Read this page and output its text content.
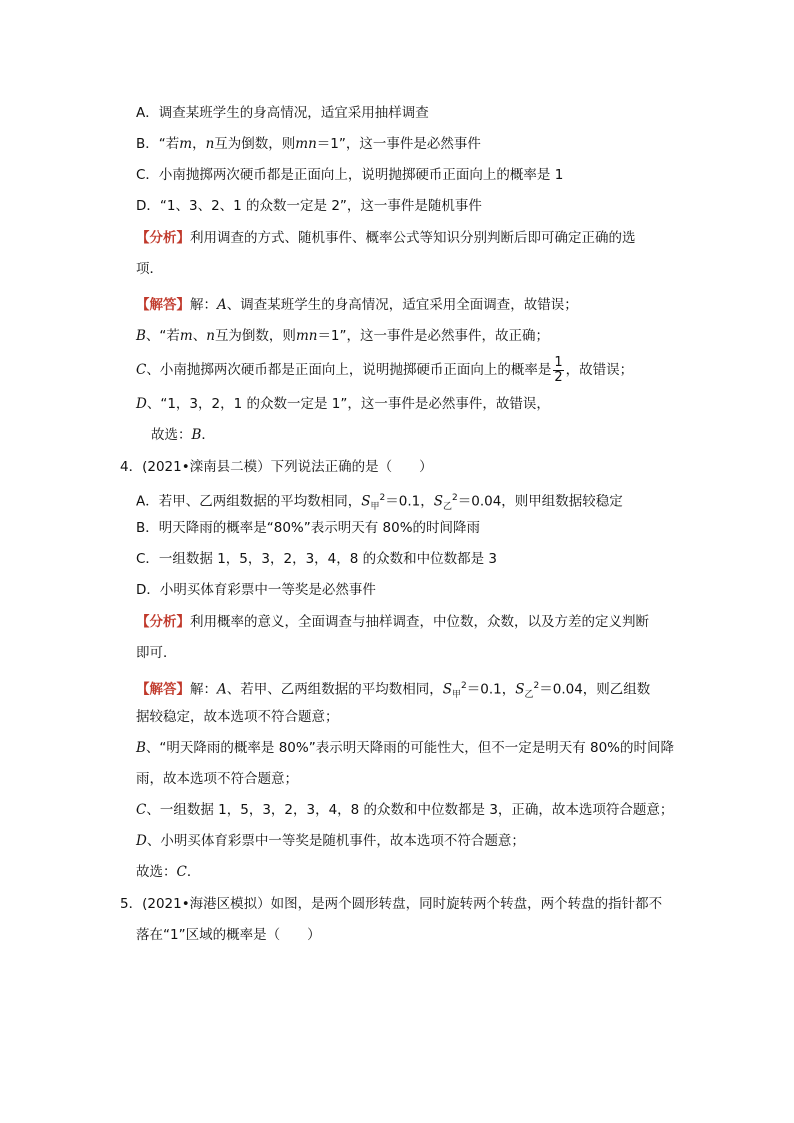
A．调查某班学生的身高情况，适宜采用抽样调查
B．“若m，n互为倒数，则mn＝1”，这一事件是必然事件
C．小南抛掷两次硬币都是正面向上，说明抛掷硬币正面向上的概率是 1
D．“1、3、2、1 的众数一定是 2”，这一事件是随机事件
【分析】利用调查的方式、随机事件、概率公式等知识分别判断后即可确定正确的选
项．
【解答】解：A、调查某班学生的身高情况，适宜采用全面调查，故错误；
B、“若m、n互为倒数，则mn＝1”，这一事件是必然事件，故正确；
C、小南抛掷两次硬币都是正面向上，说明抛掷硬币正面向上的概率是 $\frac{1}{2}$ ，故错误；
D、“1，3，2，1 的众数一定是 1”，这一事件是必然事件，故错误，
故选：B．
4．(2021•滦南县二模）下列说法正确的是（　　）
A．若甲、乙两组数据的平均数相同，$S_甲^2=0.1$，$S_乙^2=0.04$，则甲组数据较稳定
B．明天降雨的概率是“80%”表示明天有 80%的时间降雨
C．一组数据 1，5，3，2，3，4，8 的众数和中位数都是 3
D．小明买体育彩票中一等奖是必然事件
【分析】利用概率的意义，全面调查与抽样调查，中位数，众数，以及方差的定义判断
即可．
【解答】解：A、若甲、乙两组数据的平均数相同，$S_甲^2=0.1$，$S_乙^2=0.04$，则乙组数
据较稳定，故本选项不符合题意；
B、“明天降雨的概率是 80%”表示明天降雨的可能性大，但不一定是明天有 80%的时间降
雨，故本选项不符合题意；
C、一组数据 1，5，3，2，3，4，8 的众数和中位数都是 3，正确，故本选项符合题意；
D、小明买体育彩票中一等奖是随机事件，故本选项不符合题意；
故选：C．
5．(2021•海港区模拟）如图，是两个圆形转盘，同时旋转两个转盘，两个转盘的指针都不
落在“1”区域的概率是（　　）
